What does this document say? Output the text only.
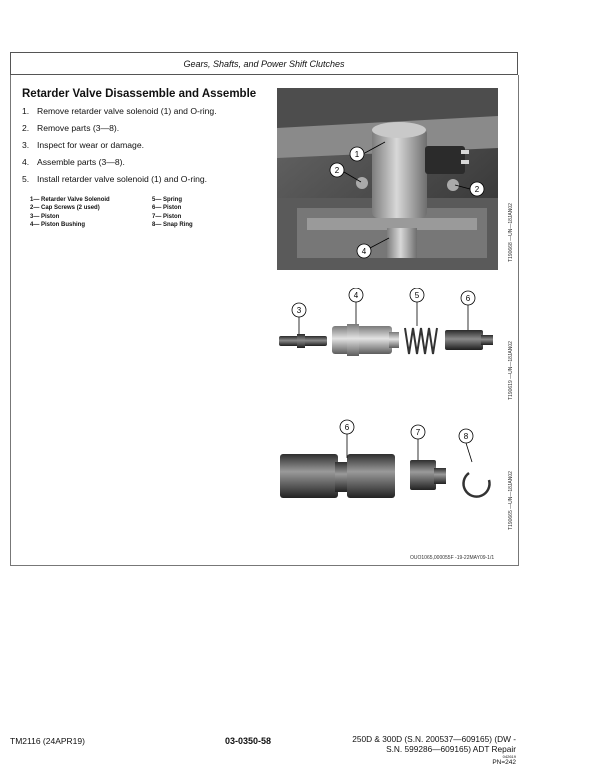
Gears, Shafts, and Power Shift Clutches
Retarder Valve Disassemble and Assemble
1. Remove retarder valve solenoid (1) and O-ring.
2. Remove parts (3—8).
3. Inspect for wear or damage.
4. Assemble parts (3—8).
5. Install retarder valve solenoid (1) and O-ring.
1— Retarder Valve Solenoid
2— Cap Screws (2 used)
3— Piston
4— Piston Bushing
5— Spring
6— Piston
7— Piston
8— Snap Ring
1
2
2
4	T190668 —UN—18JAN02
3
4	5	6
T190619 —UN—18JAN02
6
7	8
T190665 —UN—18JAN02
OUO1065,000055F -19-22MAY09-1/1
TM2116 (24APR19)	03-0350-58	250D & 300D (S.N. 200537—609165) (DW -
S.N. 599286—609165) ADT Repair
042619
PN=242
